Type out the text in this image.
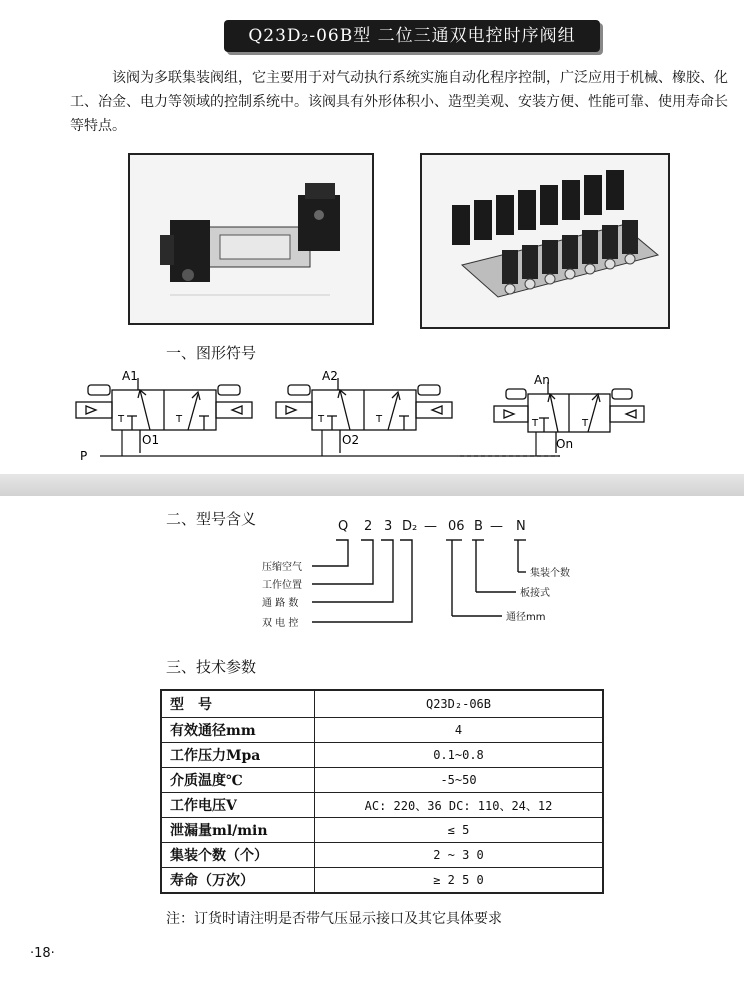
Q23D₂-06B型 二位三通双电控时序阀组

该阀为多联集装阀组，它主要用于对气动执行系统实施自动化程序控制，广泛应用于机械、橡胶、化工、冶金、电力等领域的控制系统中。该阀具有外形体积小、造型美观、安装方便、性能可靠、使用寿命长等特点。

一、图形符号
A1
O1
T	T
A2
O2
T	T
An
On
T	T
P
二、型号含义	Q 2 3 D₂ — 06 B — N
压缩空气
工作位置
通 路 数
双 电 控
集装个数
板接式
通径mm
三、技术参数
型　号	Q23D₂-06B
有效通径mm	4
工作压力Mpa	0.1~0.8
介质温度℃	-5~50
工作电压V	AC: 220、36 DC: 110、24、12
泄漏量ml/min	≤ 5
集装个数（个）	2 ~ 3 0
寿命（万次）	≥ 2 5 0
注：订货时请注明是否带气压显示接口及其它具体要求
·18·
